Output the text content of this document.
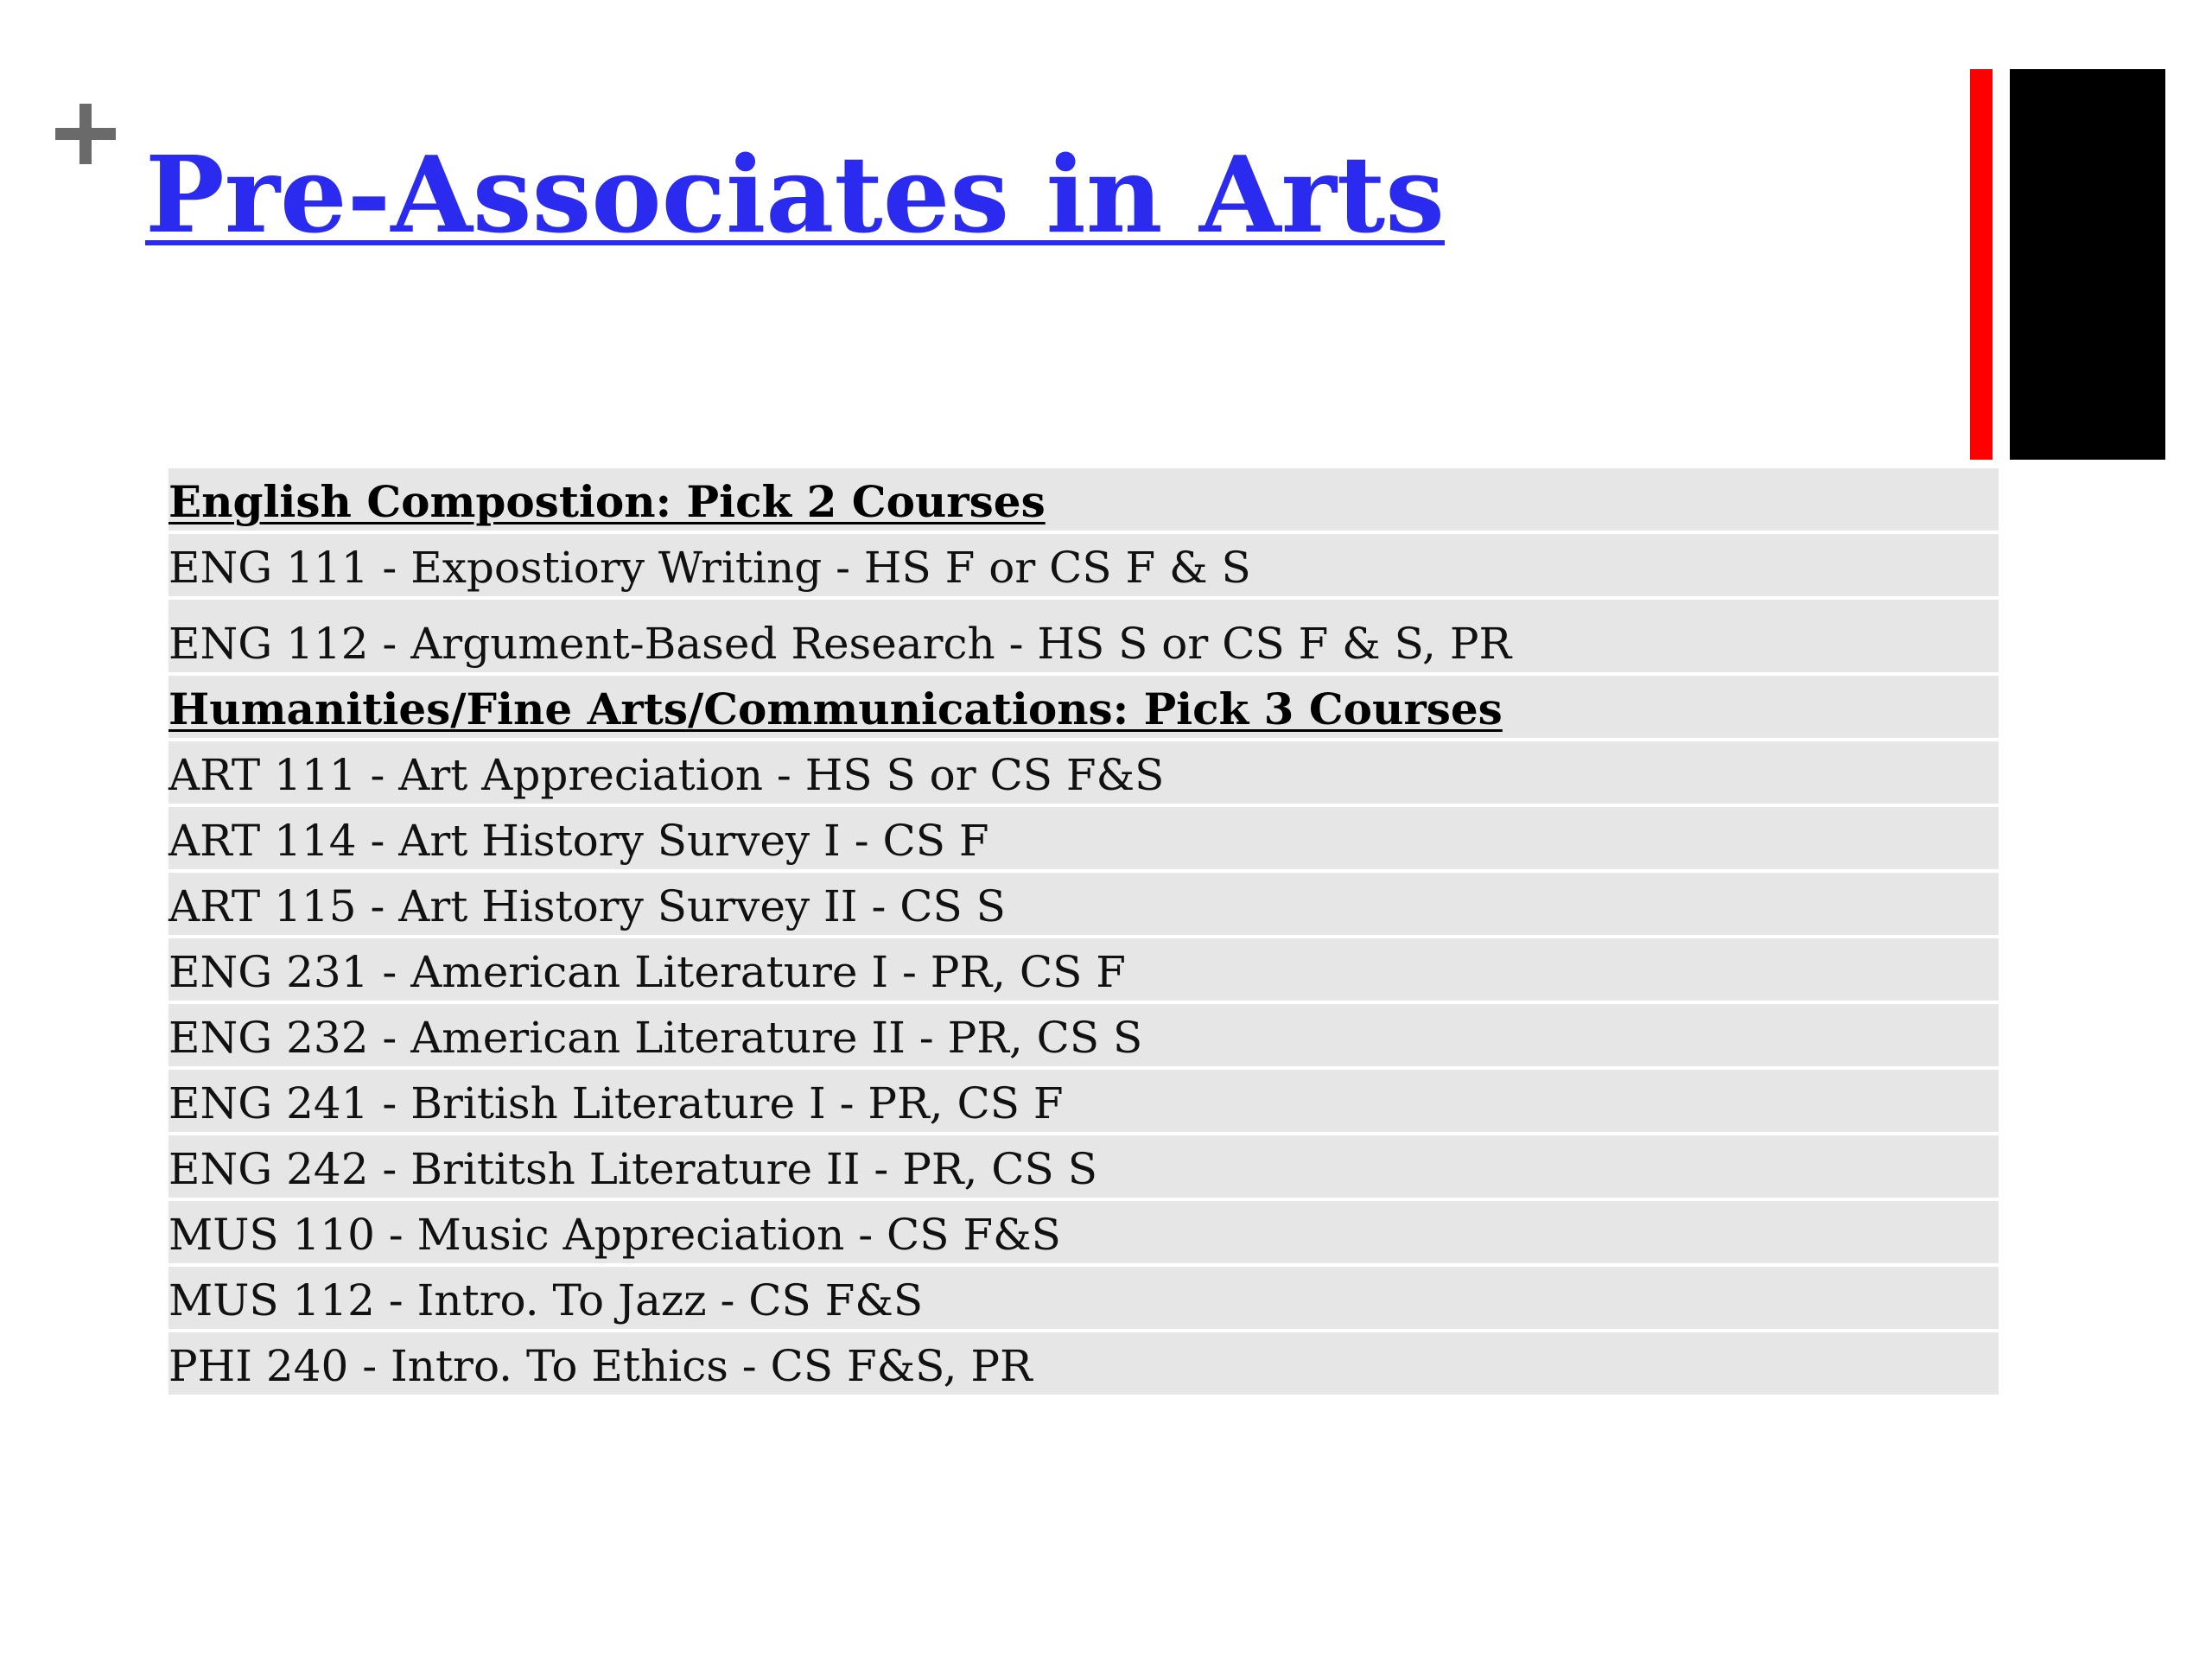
Pre-Associates in Arts
English Compostion: Pick 2 Courses
ENG 111 - Expostiory Writing - HS F or CS F & S
ENG 112 - Argument-Based Research - HS S or CS F & S, PR
Humanities/Fine Arts/Communications: Pick 3 Courses
ART 111 - Art Appreciation - HS S or CS F&S
ART 114 - Art History Survey I - CS F
ART 115 - Art History Survey II - CS S
ENG 231 - American Literature I - PR, CS F
ENG 232 - American Literature II - PR, CS S
ENG 241 - British Literature I - PR, CS F
ENG 242 - Brititsh Literature II - PR, CS S
MUS 110 - Music Appreciation - CS F&S
MUS 112 - Intro. To Jazz - CS F&S
PHI 240 - Intro. To Ethics - CS F&S, PR
